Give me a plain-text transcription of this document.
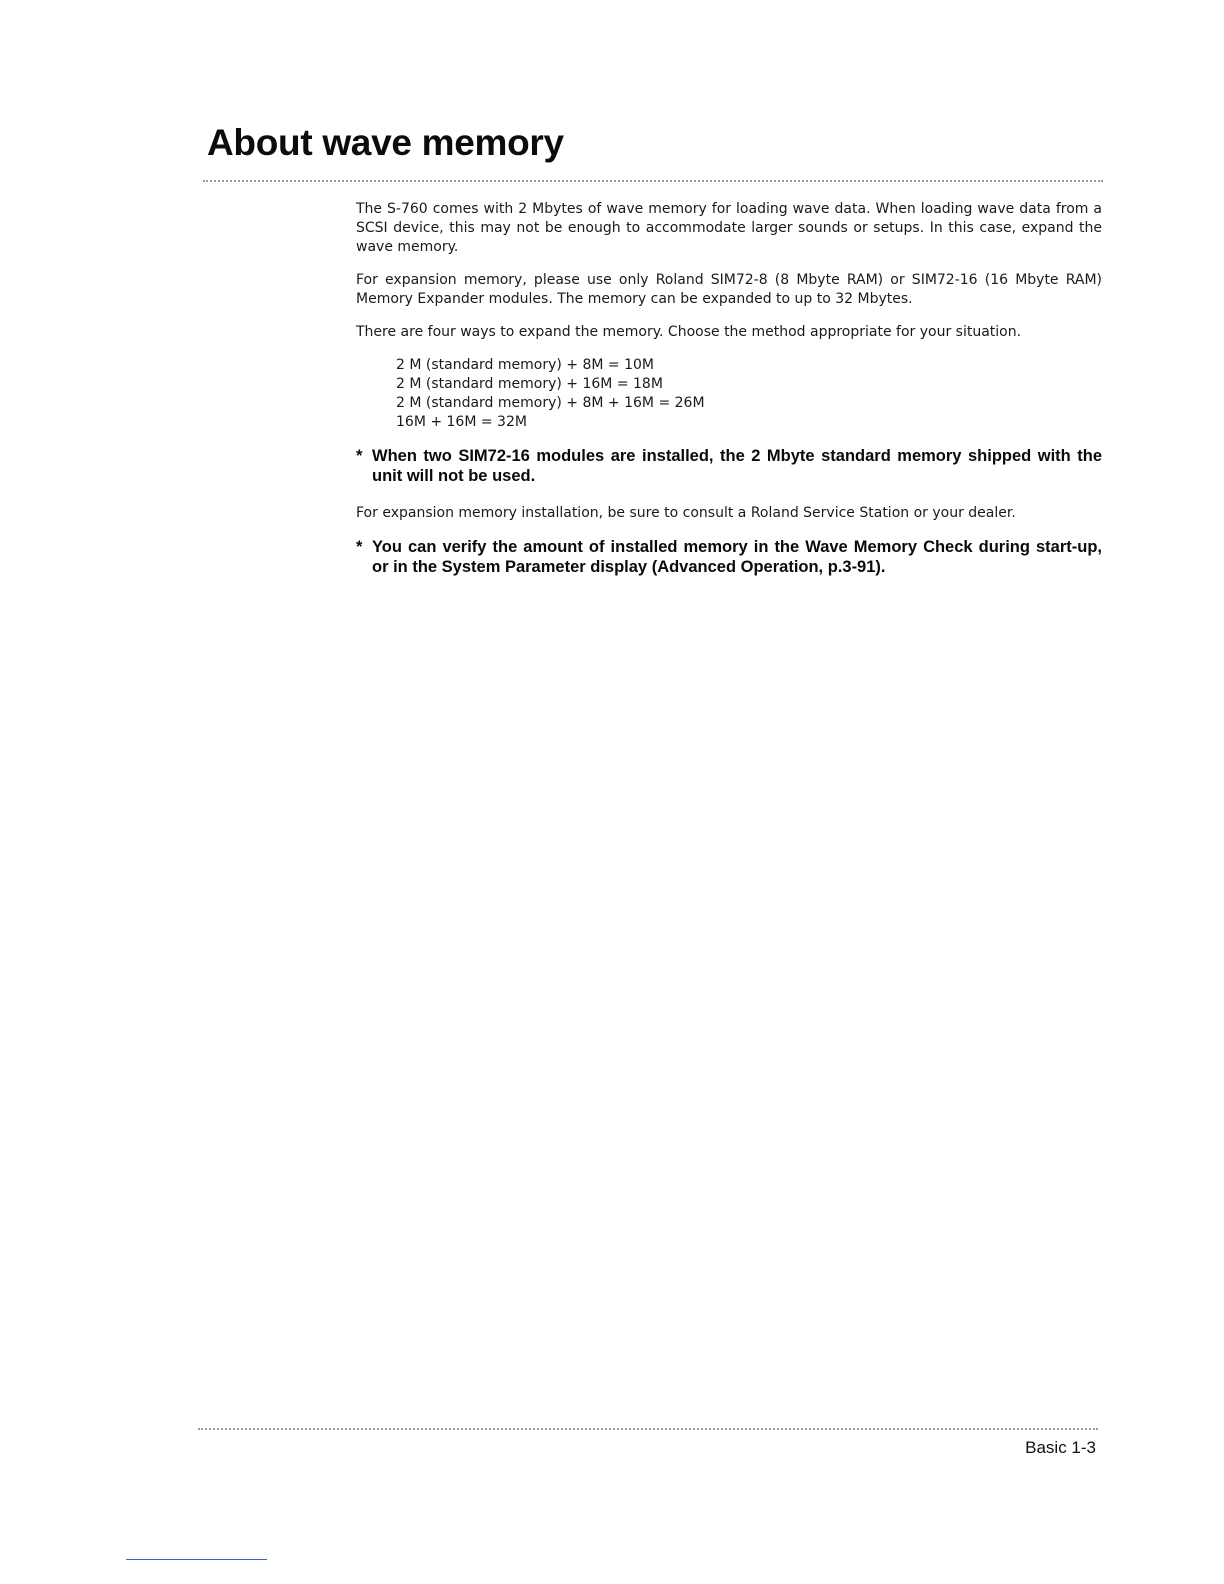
About wave memory

The S-760 comes with 2 Mbytes of wave memory for loading wave data. When loading wave data from a SCSI device, this may not be enough to accommodate larger sounds or setups. In this case, expand the wave memory.

For expansion memory, please use only Roland SIM72-8 (8 Mbyte RAM) or SIM72-16 (16 Mbyte RAM) Memory Expander modules. The memory can be expanded to up to 32 Mbytes.

There are four ways to expand the memory. Choose the method appropriate for your situation.

2 M (standard memory) + 8M = 10M
2 M (standard memory) + 16M = 18M
2 M (standard memory) + 8M + 16M = 26M
16M + 16M = 32M
* When two SIM72-16 modules are installed, the 2 Mbyte standard memory shipped with the unit will not be used.

For expansion memory installation, be sure to consult a Roland Service Station or your dealer.

* You can verify the amount of installed memory in the Wave Memory Check during start-up, or in the System Parameter display (Advanced Operation, p.3-91).
Basic 1-3
